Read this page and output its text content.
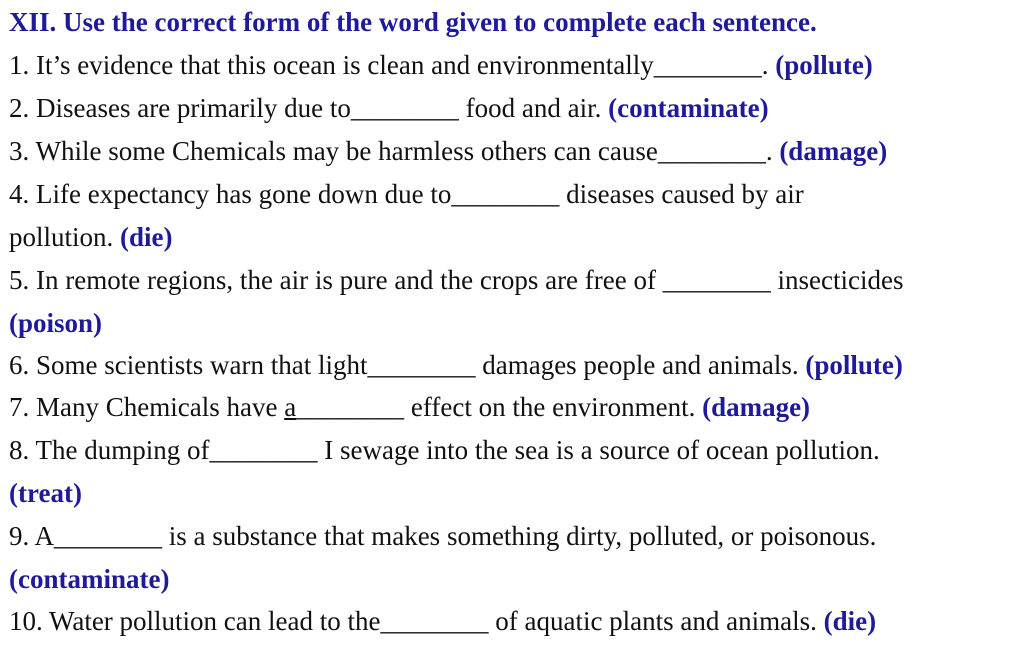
XII. Use the correct form of the word given to complete each sentence.
1. It’s evidence that this ocean is clean and environmentally________. (pollute)
2. Diseases are primarily due to________ food and air. (contaminate)
3. While some Chemicals may be harmless others can cause________. (damage)
4. Life expectancy has gone down due to________ diseases caused by air
pollution. (die)
5. In remote regions, the air is pure and the crops are free of ________ insecticides
(poison)
6. Some scientists warn that light________ damages people and animals. (pollute)
7. Many Chemicals have a________ effect on the environment. (damage)
8. The dumping of________ I sewage into the sea is a source of ocean pollution.
(treat)
9. A________ is a substance that makes something dirty, polluted, or poisonous.
(contaminate)
10. Water pollution can lead to the________ of aquatic plants and animals. (die)
